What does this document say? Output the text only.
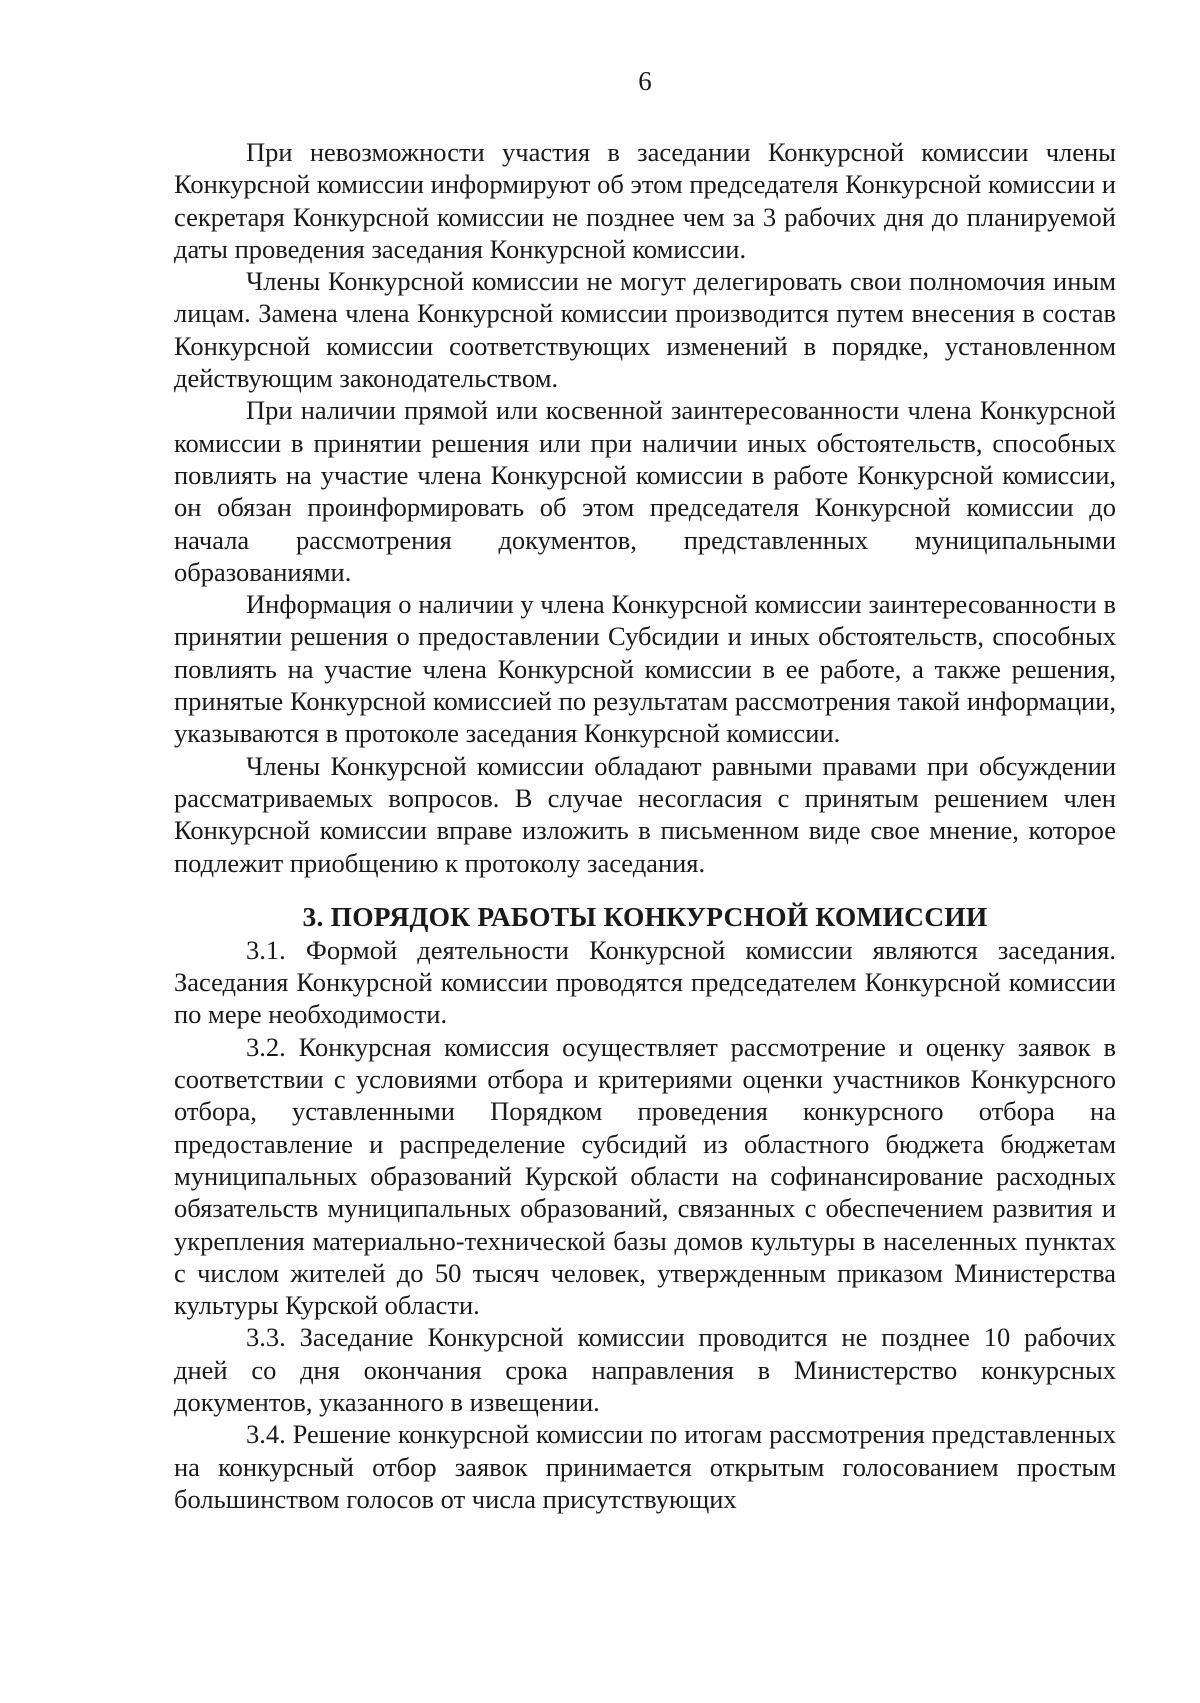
6

При невозможности участия в заседании Конкурсной комиссии члены Конкурсной комиссии информируют об этом председателя Конкурсной комиссии и секретаря Конкурсной комиссии не позднее чем за 3 рабочих дня до планируемой даты проведения заседания Конкурсной комиссии.

Члены Конкурсной комиссии не могут делегировать свои полномочия иным лицам. Замена члена Конкурсной комиссии производится путем внесения в состав Конкурсной комиссии соответствующих изменений в порядке, установленном действующим законодательством.

При наличии прямой или косвенной заинтересованности члена Конкурсной комиссии в принятии решения или при наличии иных обстоятельств, способных повлиять на участие члена Конкурсной комиссии в работе Конкурсной комиссии, он обязан проинформировать об этом председателя Конкурсной комиссии до начала рассмотрения документов, представленных муниципальными образованиями.

Информация о наличии у члена Конкурсной комиссии заинтересованности в принятии решения о предоставлении Субсидии и иных обстоятельств, способных повлиять на участие члена Конкурсной комиссии в ее работе, а также решения, принятые Конкурсной комиссией по результатам рассмотрения такой информации, указываются в протоколе заседания Конкурсной комиссии.

Члены Конкурсной комиссии обладают равными правами при обсуждении рассматриваемых вопросов. В случае несогласия с принятым решением член Конкурсной комиссии вправе изложить в письменном виде свое мнение, которое подлежит приобщению к протоколу заседания.

3. ПОРЯДОК РАБОТЫ КОНКУРСНОЙ КОМИССИИ

3.1. Формой деятельности Конкурсной комиссии являются заседания. Заседания Конкурсной комиссии проводятся председателем Конкурсной комиссии по мере необходимости.

3.2. Конкурсная комиссия осуществляет рассмотрение и оценку заявок в соответствии с условиями отбора и критериями оценки участников Конкурсного отбора, уставленными Порядком проведения конкурсного отбора на предоставление и распределение субсидий из областного бюджета бюджетам муниципальных образований Курской области на софинансирование расходных обязательств муниципальных образований, связанных с обеспечением развития и укрепления материально-технической базы домов культуры в населенных пунктах с числом жителей до 50 тысяч человек, утвержденным приказом Министерства культуры Курской области.

3.3. Заседание Конкурсной комиссии проводится не позднее 10 рабочих дней со дня окончания срока направления в Министерство конкурсных документов, указанного в извещении.

3.4. Решение конкурсной комиссии по итогам рассмотрения представленных на конкурсный отбор заявок принимается открытым голосованием простым большинством голосов от числа присутствующих
